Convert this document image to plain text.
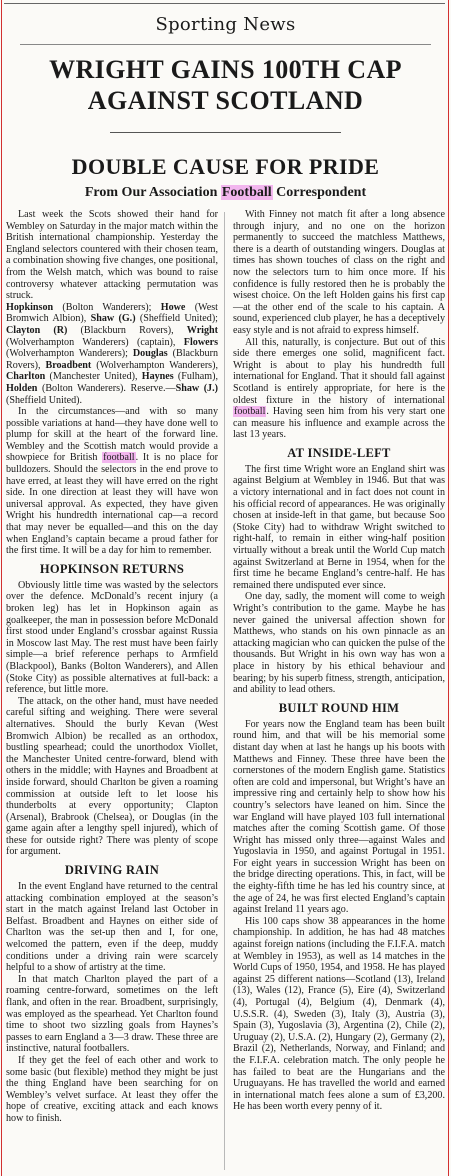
Sporting News
WRIGHT GAINS 100TH CAP
AGAINST SCOTLAND
DOUBLE CAUSE FOR PRIDE
From Our Association Football Correspondent

Last week the Scots showed their hand for Wembley on Saturday in the major match within the British international championship. Yesterday the England selectors countered with their chosen team, a combination showing five changes, one positional, from the Welsh match, which was bound to raise controversy whatever attacking permutation was struck.

Hopkinson (Bolton Wanderers); Howe (West Bromwich Albion), Shaw (G.) (Sheffield United); Clayton (R) (Blackburn Rovers), Wright (Wolverhampton Wanderers) (captain), Flowers (Wolverhampton Wanderers); Douglas (Blackburn Rovers), Broadbent (Wolverhampton Wanderers), Charlton (Manchester United), Haynes (Fulham), Holden (Bolton Wanderers). Reserve.—Shaw (J.) (Sheffield United).

In the circumstances—and with so many possible variations at hand—they have done well to plump for skill at the heart of the forward line. Wembley and the Scottish match would provide a showpiece for British football. It is no place for bulldozers. Should the selectors in the end prove to have erred, at least they will have erred on the right side. In one direction at least they will have won universal approval. As expected, they have given Wright his hundredth international cap—a record that may never be equalled—and this on the day when England’s captain became a proud father for the first time. It will be a day for him to remember.

HOPKINSON RETURNS

Obviously little time was wasted by the selectors over the defence. McDonald’s recent injury (a broken leg) has let in Hopkinson again as goalkeeper, the man in possession before McDonald first stood under England’s crossbar against Russia in Moscow last May. The rest must have been fairly simple—a brief reference perhaps to Armfield (Blackpool), Banks (Bolton Wanderers), and Allen (Stoke City) as possible alternatives at full-back: a reference, but little more.

The attack, on the other hand, must have needed careful sifting and weighing. There were several alternatives. Should the burly Kevan (West Bromwich Albion) be recalled as an orthodox, bustling spearhead; could the unorthodox Viollet, the Manchester United centre-forward, blend with others in the middle; with Haynes and Broadbent at inside forward, should Charlton be given a roaming commission at outside left to let loose his thunderbolts at every opportunity; Clapton (Arsenal), Brabrook (Chelsea), or Douglas (in the game again after a lengthy spell injured), which of these for outside right? There was plenty of scope for argument.

DRIVING RAIN

In the event England have returned to the central attacking combination employed at the season’s start in the match against Ireland last October in Belfast. Broadbent and Haynes on either side of Charlton was the set-up then and I, for one, welcomed the pattern, even if the deep, muddy conditions under a driving rain were scarcely helpful to a show of artistry at the time.

In that match Charlton played the part of a roaming centre-forward, sometimes on the left flank, and often in the rear. Broadbent, surprisingly, was employed as the spearhead. Yet Charlton found time to shoot two sizzling goals from Haynes’s passes to earn England a 3—3 draw. These three are instinctive, natural footballers.

If they get the feel of each other and work to some basic (but flexible) method they might be just the thing England have been searching for on Wembley’s velvet surface. At least they offer the hope of creative, exciting attack and each knows how to finish.

With Finney not match fit after a long absence through injury, and no one on the horizon permanently to succeed the matchless Matthews, there is a dearth of outstanding wingers. Douglas at times has shown touches of class on the right and now the selectors turn to him once more. If his confidence is fully restored then he is probably the wisest choice. On the left Holden gains his first cap—at the other end of the scale to his captain. A sound, experienced club player, he has a deceptively easy style and is not afraid to express himself.

All this, naturally, is conjecture. But out of this side there emerges one solid, magnificent fact. Wright is about to play his hundredth full international for England. That it should fall against Scotland is entirely appropriate, for here is the oldest fixture in the history of international football. Having seen him from his very start one can measure his influence and example across the last 13 years.

AT INSIDE-LEFT

The first time Wright wore an England shirt was against Belgium at Wembley in 1946. But that was a victory international and in fact does not count in his official record of appearances. He was originally chosen at inside-left in that game, but because Soo (Stoke City) had to withdraw Wright switched to right-half, to remain in either wing-half position virtually without a break until the World Cup match against Switzerland at Berne in 1954, when for the first time he became England’s centre-half. He has remained there undisputed ever since.

One day, sadly, the moment will come to weigh Wright’s contribution to the game. Maybe he has never gained the universal affection shown for Matthews, who stands on his own pinnacle as an attacking magician who can quicken the pulse of the thousands. But Wright in his own way has won a place in history by his ethical behaviour and bearing; by his superb fitness, strength, anticipation, and ability to lead others.

BUILT ROUND HIM

For years now the England team has been built round him, and that will be his memorial some distant day when at last he hangs up his boots with Matthews and Finney. These three have been the cornerstones of the modern English game. Statistics often are cold and impersonal, but Wright’s have an impressive ring and certainly help to show how his country’s selectors have leaned on him. Since the war England will have played 103 full international matches after the coming Scottish game. Of those Wright has missed only three—against Wales and Yugoslavia in 1950, and against Portugal in 1951. For eight years in succession Wright has been on the bridge directing operations. This, in fact, will be the eighty-fifth time he has led his country since, at the age of 24, he was first elected England’s captain against Ireland 11 years ago.

His 100 caps show 38 appearances in the home championship. In addition, he has had 48 matches against foreign nations (including the F.I.F.A. match at Wembley in 1953), as well as 14 matches in the World Cups of 1950, 1954, and 1958. He has played against 25 different nations—Scotland (13), Ireland (13), Wales (12), France (5), Eire (4), Switzerland (4), Portugal (4), Belgium (4), Denmark (4), U.S.S.R. (4), Sweden (3), Italy (3), Austria (3), Spain (3), Yugoslavia (3), Argentina (2), Chile (2), Uruguay (2), U.S.A. (2), Hungary (2), Germany (2), Brazil (2), Netherlands, Norway, and Finland; and the F.I.F.A. celebration match. The only people he has failed to beat are the Hungarians and the Uruguayans. He has travelled the world and earned in international match fees alone a sum of £3,200. He has been worth every penny of it.
